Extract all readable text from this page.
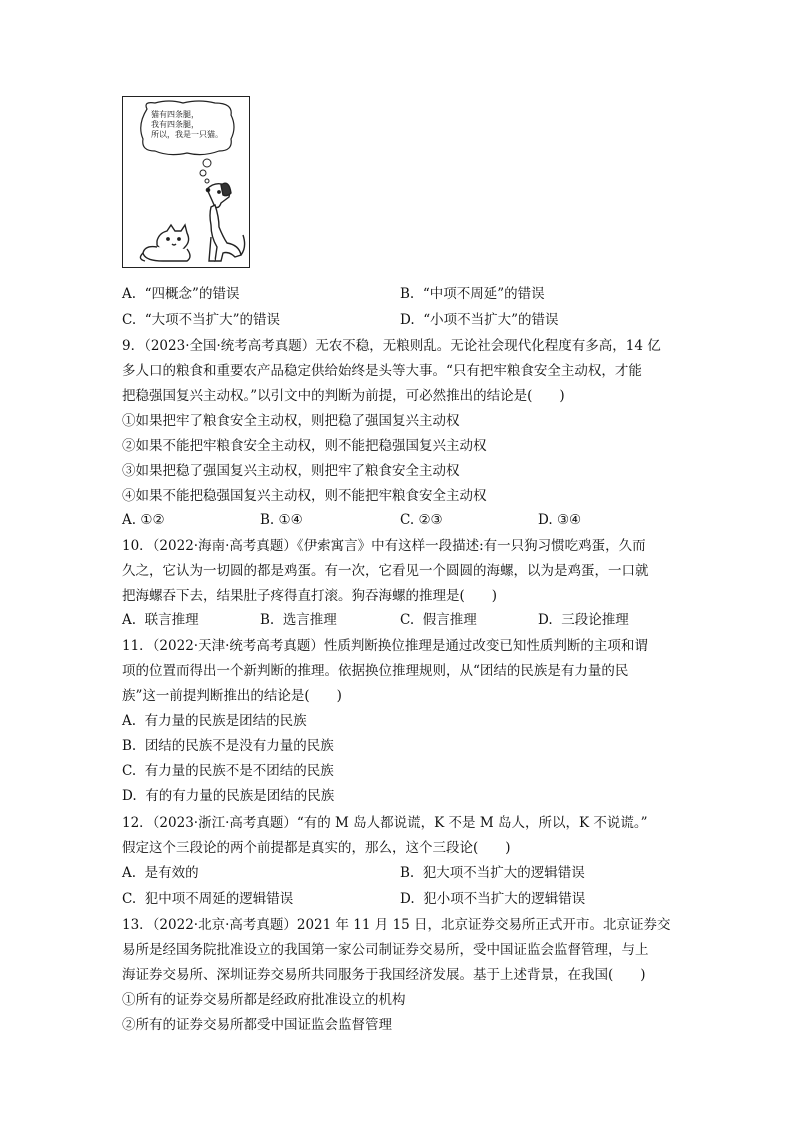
猫有四条腿，
我有四条腿，
所以，我是一只猫。
A. “四概念”的错误	B. “中项不周延”的错误
C. “大项不当扩大”的错误	D. “小项不当扩大”的错误
9．（2023·全国·统考高考真题）无农不稳，无粮则乱。无论社会现代化程度有多高，14 亿
多人口的粮食和重要农产品稳定供给始终是头等大事。“只有把牢粮食安全主动权，才能
把稳强国复兴主动权。”以引文中的判断为前提，可必然推出的结论是(　　)
①如果把牢了粮食安全主动权，则把稳了强国复兴主动权
②如果不能把牢粮食安全主动权，则不能把稳强国复兴主动权
③如果把稳了强国复兴主动权，则把牢了粮食安全主动权
④如果不能把稳强国复兴主动权，则不能把牢粮食安全主动权
A. ①②	B. ①④	C. ②③	D. ③④
10．（2022·海南·高考真题）《伊索寓言》中有这样一段描述:有一只狗习惯吃鸡蛋，久而
久之，它认为一切圆的都是鸡蛋。有一次，它看见一个圆圆的海螺，以为是鸡蛋，一口就
把海螺吞下去，结果肚子疼得直打滚。狗吞海螺的推理是(　　)
A. 联言推理	B. 选言推理	C. 假言推理	D. 三段论推理
11．（2022·天津·统考高考真题）性质判断换位推理是通过改变已知性质判断的主项和谓
项的位置而得出一个新判断的推理。依据换位推理规则，从“团结的民族是有力量的民
族”这一前提判断推出的结论是(　　)
A. 有力量的民族是团结的民族
B. 团结的民族不是没有力量的民族
C. 有力量的民族不是不团结的民族
D. 有的有力量的民族是团结的民族
12．（2023·浙江·高考真题）“有的 M 岛人都说谎，K 不是 M 岛人，所以，K 不说谎。”
假定这个三段论的两个前提都是真实的，那么，这个三段论(　　)
A. 是有效的	B. 犯大项不当扩大的逻辑错误
C. 犯中项不周延的逻辑错误	D. 犯小项不当扩大的逻辑错误
13．（2022·北京·高考真题）2021 年 11 月 15 日，北京证券交易所正式开市。北京证券交
易所是经国务院批准设立的我国第一家公司制证券交易所，受中国证监会监督管理，与上
海证券交易所、深圳证券交易所共同服务于我国经济发展。基于上述背景，在我国(　　)
①所有的证券交易所都是经政府批准设立的机构
②所有的证券交易所都受中国证监会监督管理
